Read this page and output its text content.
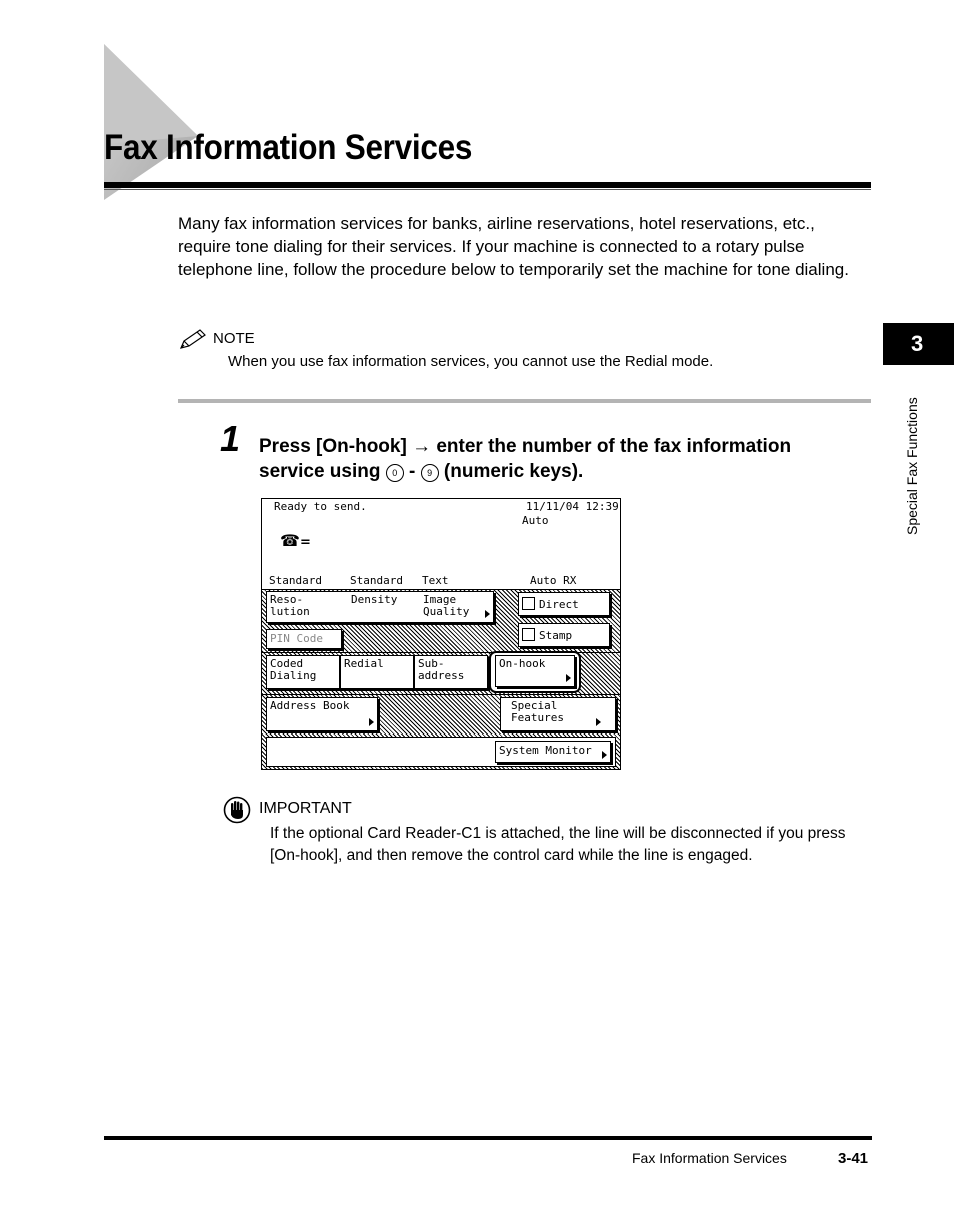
Fax Information Services
Many fax information services for banks, airline reservations, hotel reservations, etc., require tone dialing for their services. If your machine is connected to a rotary pulse telephone line, follow the procedure below to temporarily set the machine for tone dialing.
NOTE
When you use fax information services, you cannot use the Redial mode.
1 Press [On-hook] → enter the number of the fax information
service using 0 - 9 (numeric keys).
Ready to send.	11/11/04 12:39
Auto
☎ =
Standard	Standard Text	Auto RX
Reso-
lution
Density Image
Quality
Direct
PIN Code	Stamp
Coded
Dialing
Redial	Sub-
address
On-hook
Address Book	Special
Features
System Monitor
IMPORTANT
If the optional Card Reader-C1 is attached, the line will be disconnected if you press [On-hook], and then remove the control card while the line is engaged.
3
Special Fax Functions
Fax Information Services	3-41
